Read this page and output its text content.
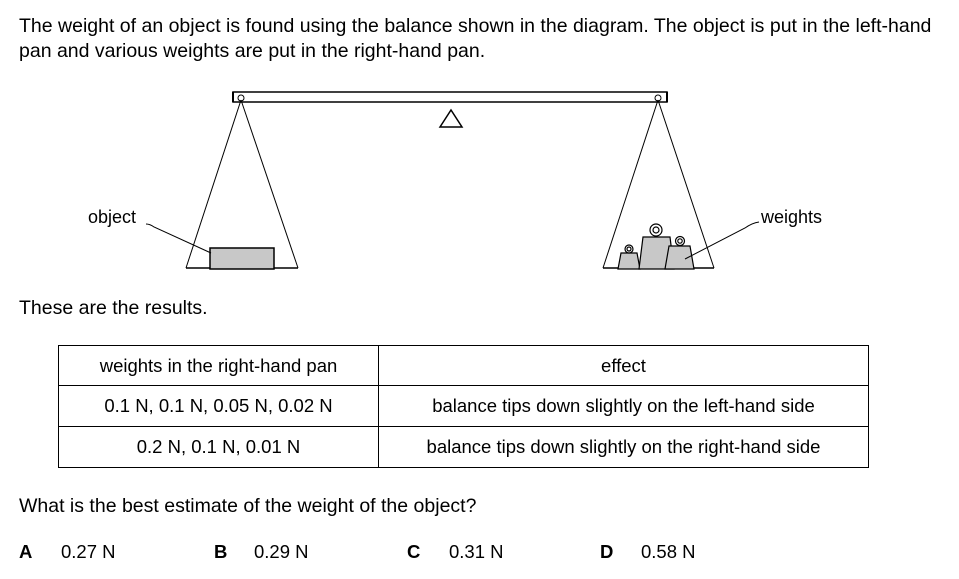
The weight of an object is found using the balance shown in the diagram. The object is put in the left-hand pan and various weights are put in the right-hand pan.

object	weights

These are the results.

weights in the right-hand pan	effect
0.1 N, 0.1 N, 0.05 N, 0.02 N	balance tips down slightly on the left-hand side
0.2 N, 0.1 N, 0.01 N	balance tips down slightly on the right-hand side

What is the best estimate of the weight of the object?

A 0.27 N	B 0.29 N	C 0.31 N	D 0.58 N
